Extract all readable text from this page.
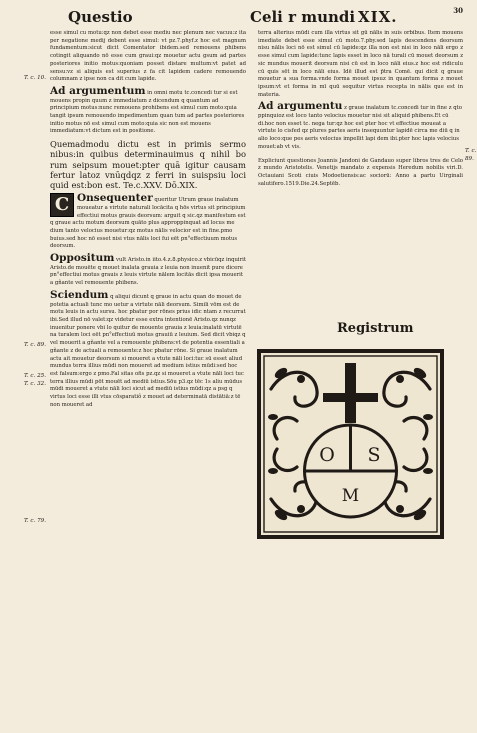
Questio	Celi r mundi XIX.	30
T. c. 10.

esse simul cu motu:qz non debet esse mediu nec plenum nec vacuu:z ita per negatione medij debent esse simul: vt pz.7.phyf.z hoc est magnum fundamentum:sicut dicit Comentator ibidem.sed remouens phibens cotingit aliquando nō esse cum graui:qz mouetur actu gsum ad partes posteriores initio motus:quoniam posset distare multum:vt patet ad sensu:vz si aliquis est superius z fa cit lapidem cadere remouendo columnam z ipse non ca dit cum lapide.

Ad argumentum in omni motu tc.concedi tur si est mouens propin quum z immediatum z dicendum q quantum ad principium motus:nunc remouens prohibens est simul cum moto:quia tangit ipsum remouendo impedimentum quan tum ad partes posteriores initio motus nō est simul cum moto:quia sic non est mouens immediatum:vt dictum est in positione.

Quemadmodu dictu est in primis sermo nibus:in quibus determinauimus q nihil bo rum seipsum mouet:pter quā igitur causam fertur latoz vnūqdqz z ferri in suispsiu loci quid est:bon est. Te.c.XXV. Dō.XIX.

C Onsequenter queritur Utrum graue inalatum moueatur a virtute naturali locācita q hōs virtus sit principium effectiui motus grauis deorsum: arguit q sic.qz manifestum est q graue actu motum deorsum quāto plus approppinquat ad locus me dium tanto velocius mouetur:qz motus nālis velocior est in fine.pmo buius.sed hoc nō esset nisi vtus nālis loci fui eēt pn°effectiuum motus deorsum.
T. c. 89.
T. c. 25.
T. c. 32.
Oppositum vult Aristo.in iito.4.z.8.physico.z vbicūqz inquirit Aristo.de mouēte q mouet inalata grauia z leuia non inuenit pure dicere pn°effectiui motus grauis z leuis virtute nālem locitās dicit ipsa mouerit a gñante vel remouente phibens.
Sciendum q aliqui dicunt q graue in actu quan do mouet de potetia actuali tunc mo uetur a virtute nāli deorsum. Simili vōm est de motu leuis in actu sursu. hoc pbatur por rōnes prius idic ntam z recurrat ibi.Sed illud nō valet:qz videtur esse extra intentionē Aristo.qz nunqz inuenitur ponere vbi lo quitur de mouente grauia z leuia:inalatū virtutē na turalem loci eēt pn°effectiuū motus grauiū z leuium. Sed dicit vbiqz q vel mouerit a gñante vel a remouente phibens:vt de potentia essentiali a gñante z de actuali a remouente:z hoc pbatur rōne. Si graue inalatum actu ait mouetur deorsum si moueret a vtute nāli loci:tuc sū esset aliud mundus terra illius mūdi non moueret ad medium istius mūdi:sed hoc est falsum:ergo z pmo.Fal sitas ofis pz.qz si moueret a vtute nāli loci tuc terra illius mūdi pōt mouēt ad mediū istius.Sōu p3.qz tēc 1s aliu mūdus mūdi moueret a vtute nāli loci sicut ad mediū istius mūdi:qz a psg q virtus loci esse illi vtus cōsparatiõ z mouet ad determinatā distātiā:z tē non moueret ad
T. c. 79.

terra alterius mūdi cum illa virtus sit gū nālis in suis orbibus. Item mouens imediate debet esse simul cū moto.7.pby.sed lapis descendens deorsum nisu nālis loci nō est simul cū lapide:qz illa non est nisi in loco nāli ergo z esse simul cum lapide:tunc lapis esset in loco nā turali cū mouet deorsum z sic mundus mouerit deorsum nisi cū est in loco nāli eius.z hoc est ridiculu cū quis sēt in loco nāli eius. Idē illud est p̄tra Comē. qui dicit q graue mouetur a sua forma.vnde forma mouet ipsuz in quantum forma z mouet ipsum:vt et forma in mī quū sequitur virtus recepta in nālis que est in materia.

Ad argumentu z graue inalatum tc.concedi tur in fine z qto ppinquioz est loco tanto velocius mouetur nisi sit aliquid phibens.Et cū di.hoc non esset tc. nega tur:qz hoc est pter hoc vt effectiue moueat a virtute lo cisfed qz plures partes aeris insequuntur lapidē circa me diū q in alio loco:que pes aeris velocius impellit lapi dem ibi.pter hoc lapis velocius mouet:ab vt vis.
T. c. 89.

Expliciunt questiones Joannis Jandoni de Gandauo super libros tres de Celo z mundo Aristotelis. Venetijs mandato z expensis Heredum nobilis viri.D. Octauiani Scoti ciuis Modoetiensis:ac sociorū: Anno a partu Uirginali salutifero.1519.Die.24.Septēb.

Registrum
O S
M
